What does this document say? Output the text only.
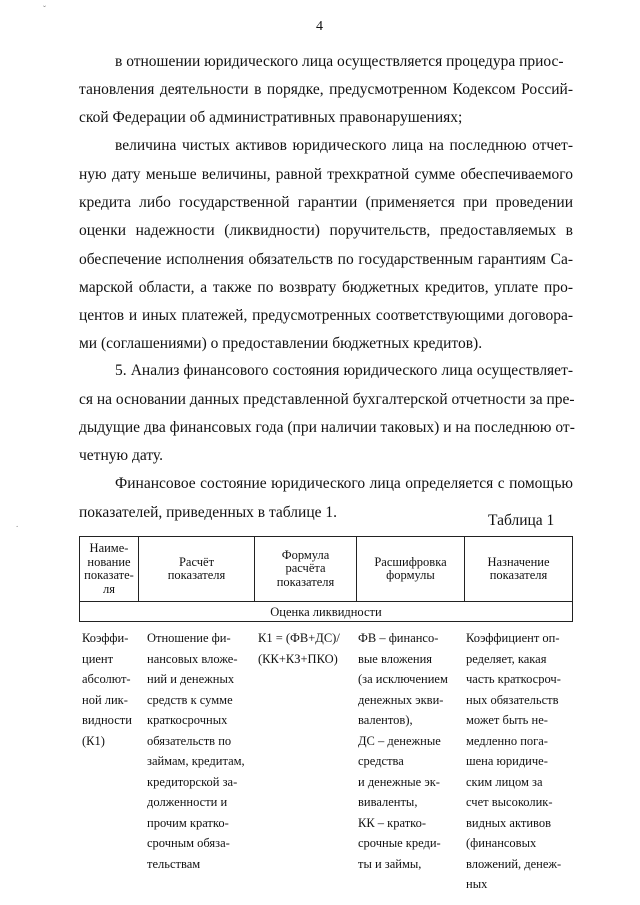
4
ˇ
в отношении юридического лица осуществляется процедура приос-
тановления деятельности в порядке, предусмотренном Кодексом Россий-
ской Федерации об административных правонарушениях;
величина чистых активов юридического лица на последнюю отчет-
ную дату меньше величины, равной трехкратной сумме обеспечиваемого
кредита либо государственной гарантии (применяется при проведении
оценки надежности (ликвидности) поручительств, предоставляемых в
обеспечение исполнения обязательств по государственным гарантиям Са-
марской области, а также по возврату бюджетных кредитов, уплате про-
центов и иных платежей, предусмотренных соответствующими договора-
ми (соглашениями) о предоставлении бюджетных кредитов).
5. Анализ финансового состояния юридического лица осуществляет-
ся на основании данных представленной бухгалтерской отчетности за пре-
дыдущие два финансовых года (при наличии таковых) и на последнюю от-
четную дату.
Финансовое состояние юридического лица определяется с помощью
показателей, приведенных в таблице 1.	Таблица 1
Наиме-
нование
показате-
ля
Расчёт
показателя
Формула
расчёта
показателя
Расшифровка
формулы
Назначение
показателя
Оценка ликвидности
Коэффи-
циент
абсолют-
ной лик-
видности
(К1)
Отношение фи-
нансовых вложе-
ний и денежных
средств к сумме
краткосрочных
обязательств по
займам, кредитам,
кредиторской за-
долженности и
прочим кратко-
срочным обяза-
тельствам
К1 = (ФВ+ДС)/
(КК+КЗ+ПКО)
ФВ – финансо-
вые вложения
(за исключением
денежных экви-
валентов),
ДС – денежные
средства
и денежные эк-
виваленты,
КК – кратко-
срочные креди-
ты и займы,
Коэффициент оп-
ределяет, какая
часть краткосроч-
ных обязательств
может быть не-
медленно пога-
шена юридиче-
ским лицом за
счет высоколик-
видных активов
(финансовых
вложений, денеж-
ных
.
